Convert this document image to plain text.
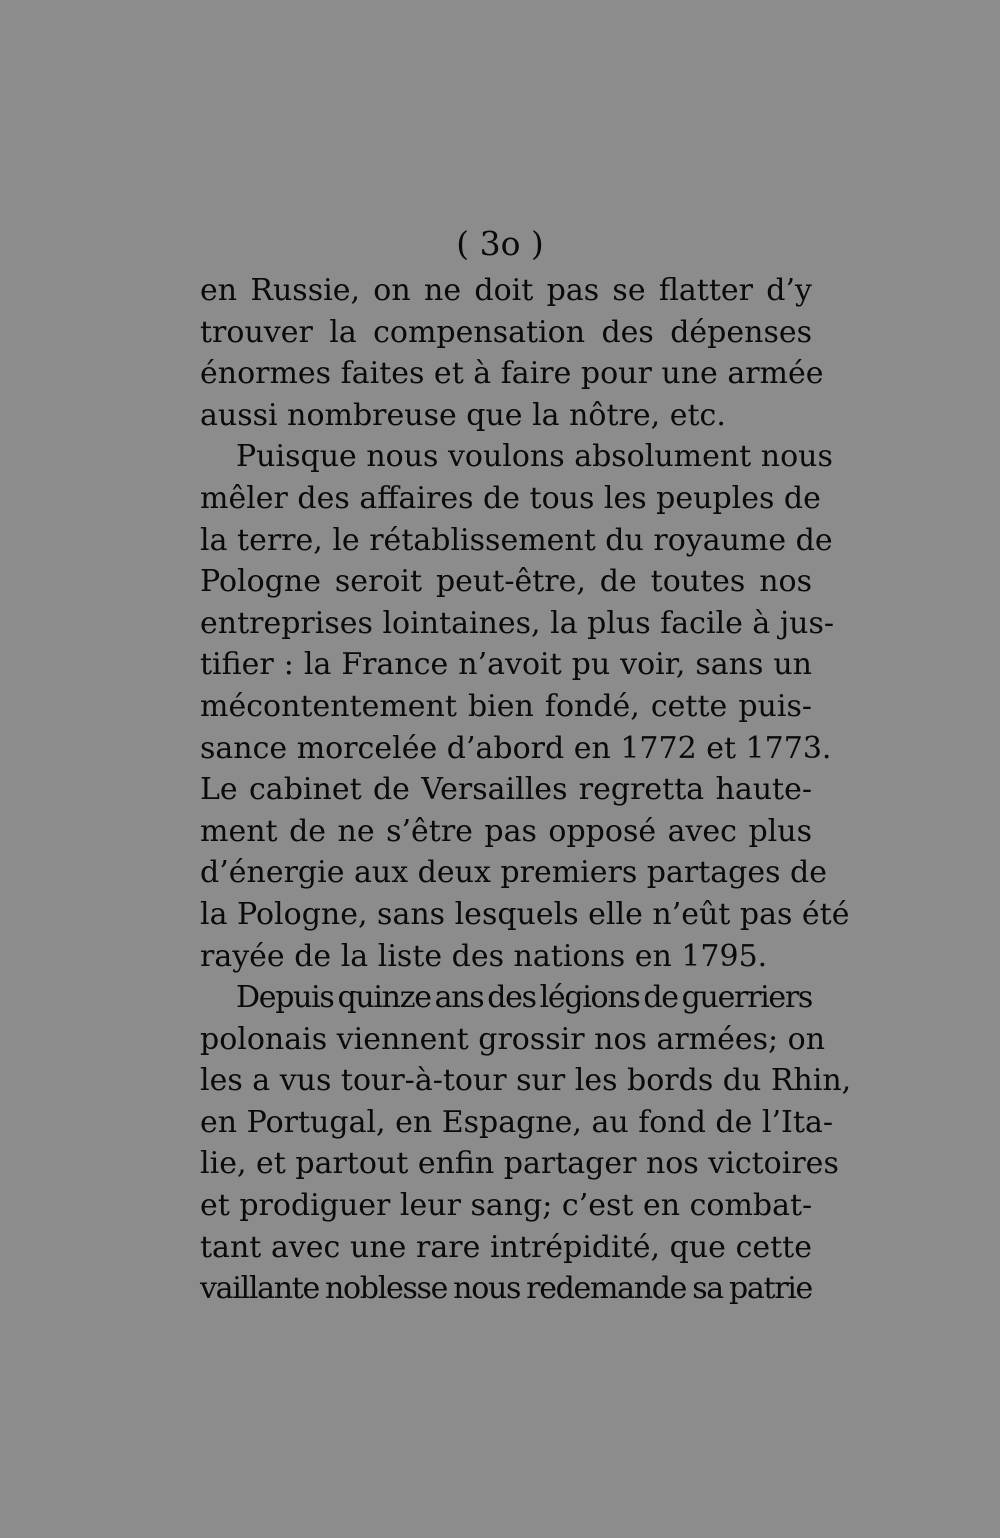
( 3o )
en Russie, on ne doit pas se flatter d’y
trouver la compensation des dépenses
énormes faites et à faire pour une armée
aussi nombreuse que la nôtre, etc.
Puisque nous voulons absolument nous
mêler des affaires de tous les peuples de
la terre, le rétablissement du royaume de
Pologne seroit peut-être, de toutes nos
entreprises lointaines, la plus facile à jus-
tifier : la France n’avoit pu voir, sans un
mécontentement bien fondé, cette puis-
sance morcelée d’abord en 1772 et 1773.
Le cabinet de Versailles regretta haute-
ment de ne s’être pas opposé avec plus
d’énergie aux deux premiers partages de
la Pologne, sans lesquels elle n’eût pas été
rayée de la liste des nations en 1795.
Depuis quinze ans des légions de guerriers
polonais viennent grossir nos armées; on
les a vus tour-à-tour sur les bords du Rhin,
en Portugal, en Espagne, au fond de l’Ita-
lie, et partout enfin partager nos victoires
et prodiguer leur sang; c’est en combat-
tant avec une rare intrépidité, que cette
vaillante noblesse nous redemande sa patrie
